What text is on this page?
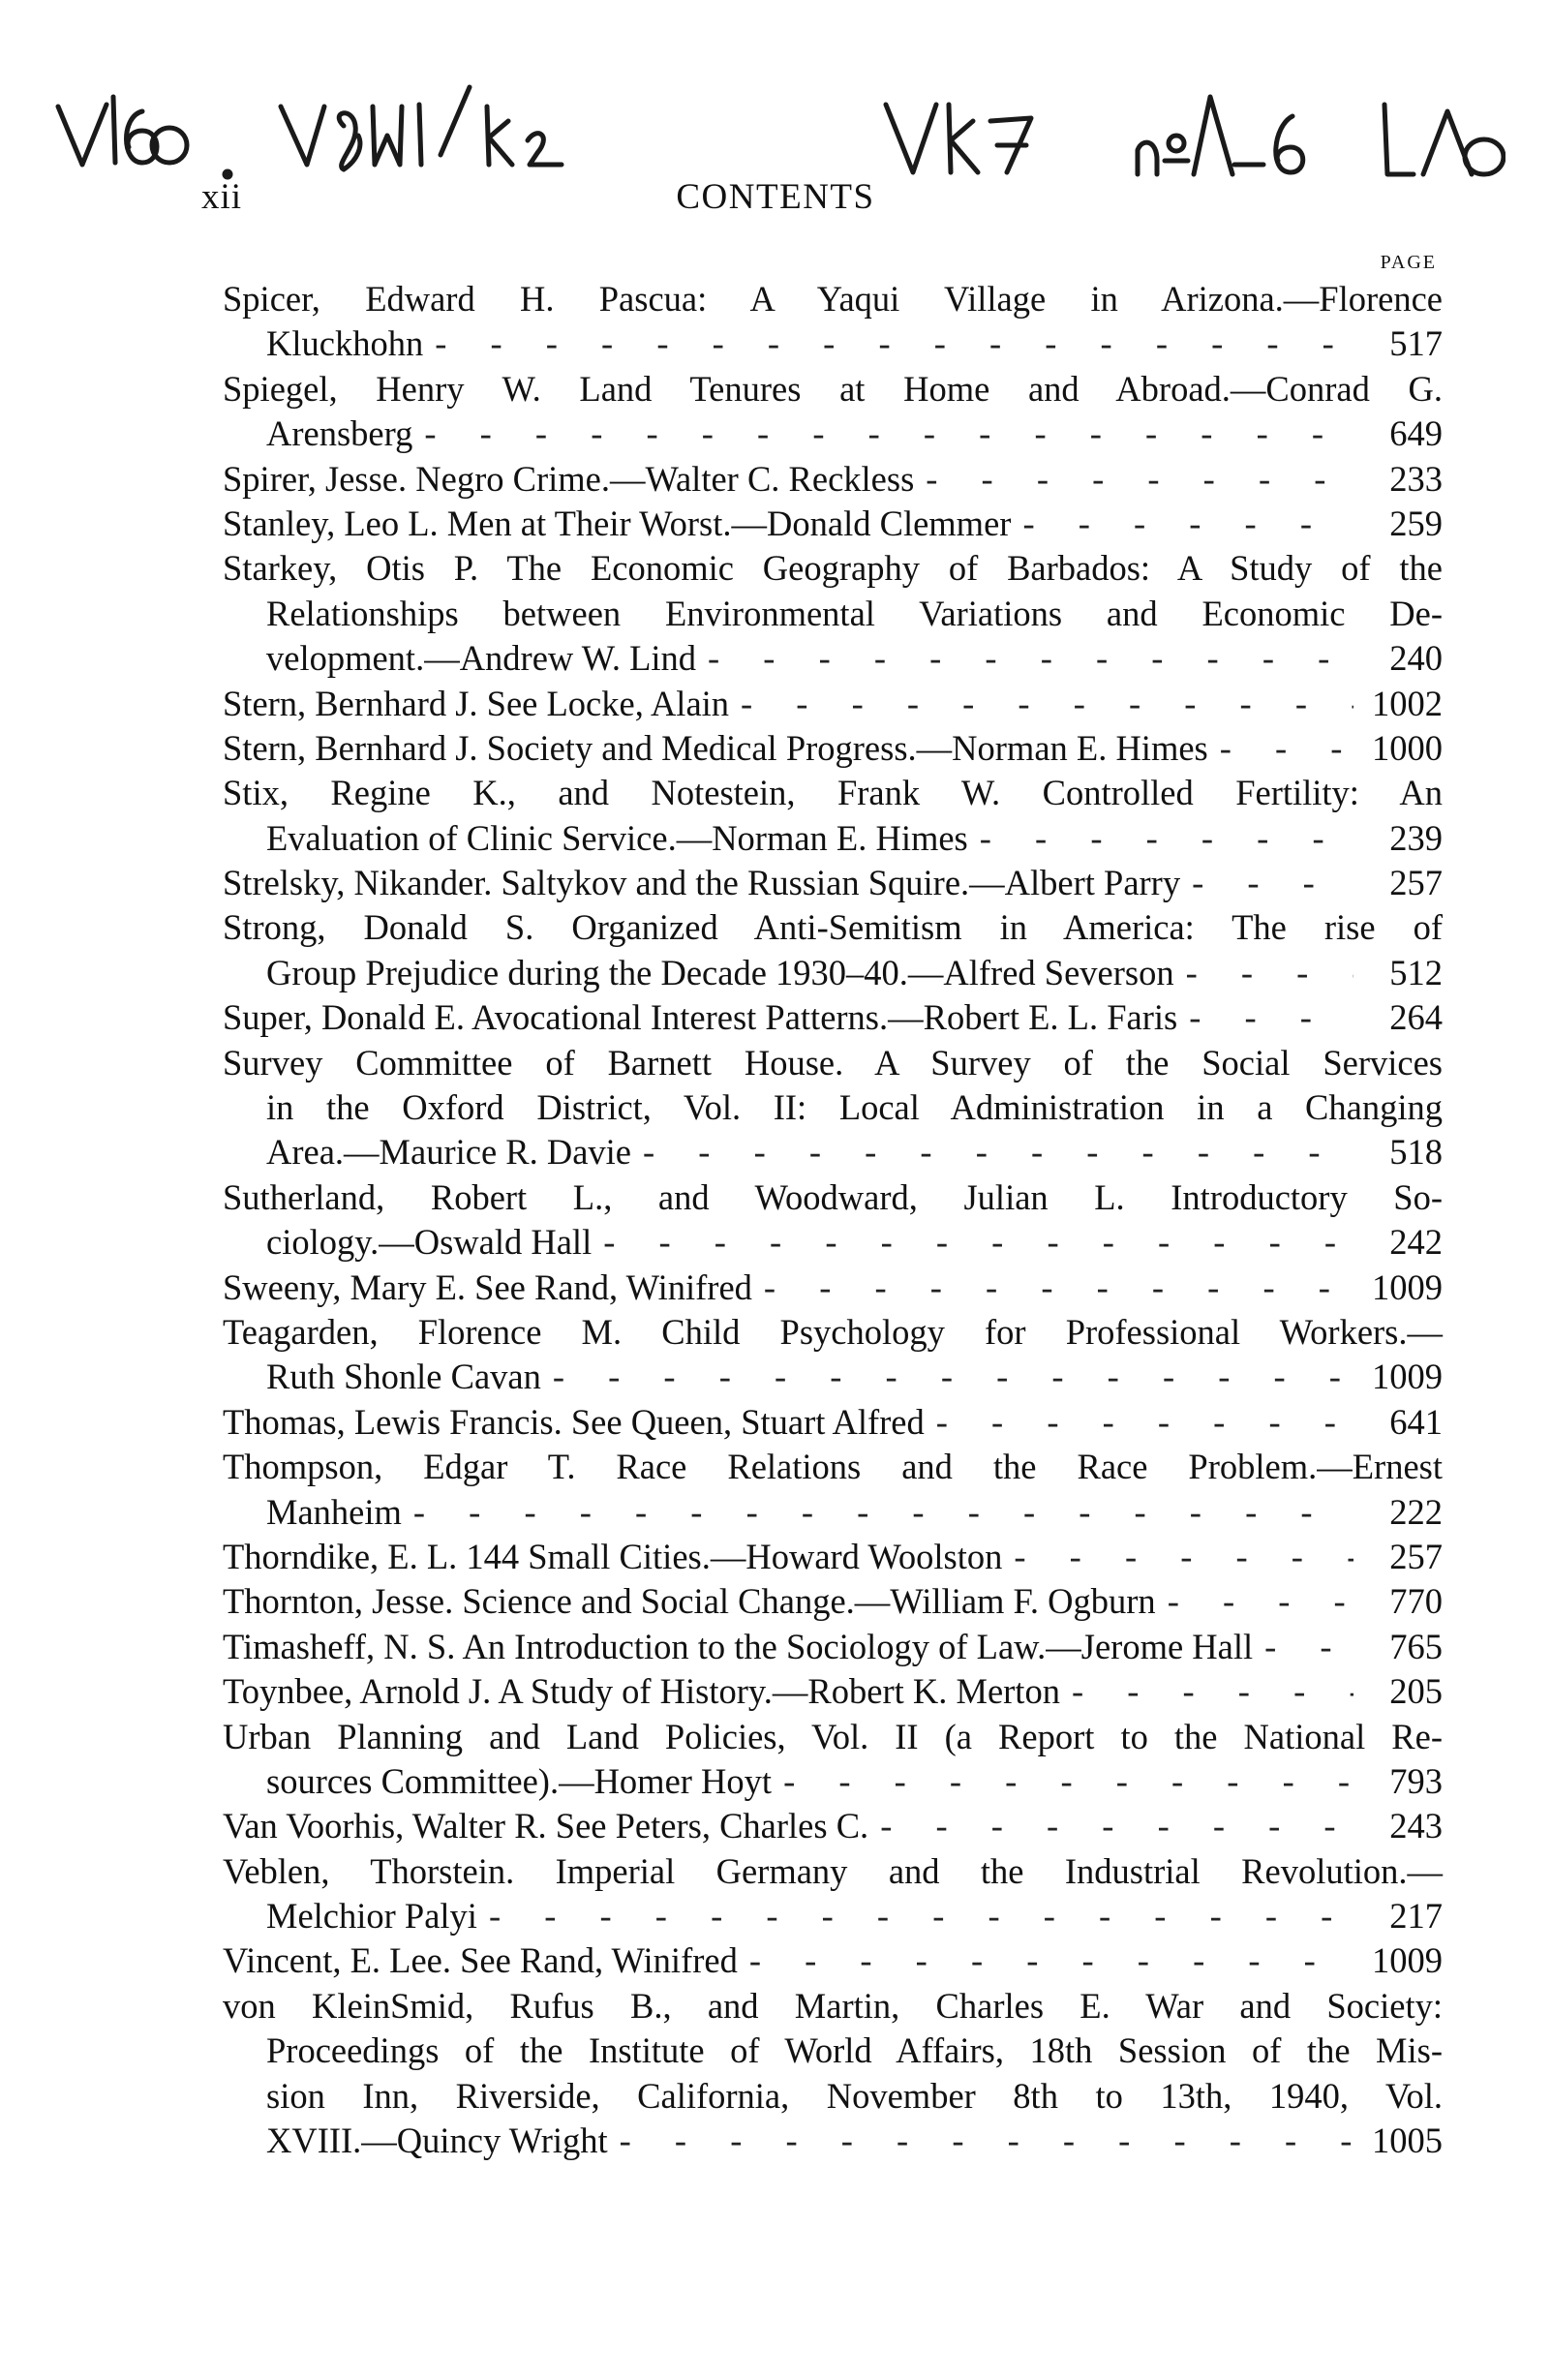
xii	CONTENTS
PAGE
Spicer, Edward H. Pascua: A Yaqui Village in Arizona.—Florence
Kluckhohn - - -	517
Spiegel, Henry W. Land Tenures at Home and Abroad.—Conrad G.
Arensberg - - -	649
Spirer, Jesse. Negro Crime.—Walter C. Reckless - - -	233
Stanley, Leo L. Men at Their Worst.—Donald Clemmer - - -	259
Starkey, Otis P. The Economic Geography of Barbados: A Study of the
Relationships between Environmental Variations and Economic De-
velopment.—Andrew W. Lind - - -	240
Stern, Bernhard J. See Locke, Alain - - -	1002
Stern, Bernhard J. Society and Medical Progress.—Norman E. Himes - - -	1000
Stix, Regine K., and Notestein, Frank W. Controlled Fertility: An
Evaluation of Clinic Service.—Norman E. Himes - - -	239
Strelsky, Nikander. Saltykov and the Russian Squire.—Albert Parry - - -	257
Strong, Donald S. Organized Anti-Semitism in America: The rise of
Group Prejudice during the Decade 1930–40.—Alfred Severson - - -	512
Super, Donald E. Avocational Interest Patterns.—Robert E. L. Faris - - -	264
Survey Committee of Barnett House. A Survey of the Social Services
in the Oxford District, Vol. II: Local Administration in a Changing
Area.—Maurice R. Davie - - -	518
Sutherland, Robert L., and Woodward, Julian L. Introductory So-
ciology.—Oswald Hall - - -	242
Sweeny, Mary E. See Rand, Winifred - - -	1009
Teagarden, Florence M. Child Psychology for Professional Workers.—
Ruth Shonle Cavan - - -	1009
Thomas, Lewis Francis. See Queen, Stuart Alfred - - -	641
Thompson, Edgar T. Race Relations and the Race Problem.—Ernest
Manheim - - -	222
Thorndike, E. L. 144 Small Cities.—Howard Woolston - - -	257
Thornton, Jesse. Science and Social Change.—William F. Ogburn - - -	770
Timasheff, N. S. An Introduction to the Sociology of Law.—Jerome Hall - - -	765
Toynbee, Arnold J. A Study of History.—Robert K. Merton - - -	205
Urban Planning and Land Policies, Vol. II (a Report to the National Re-
sources Committee).—Homer Hoyt - - -	793
Van Voorhis, Walter R. See Peters, Charles C. - - -	243
Veblen, Thorstein. Imperial Germany and the Industrial Revolution.—
Melchior Palyi - - -	217
Vincent, E. Lee. See Rand, Winifred - - -	1009
von KleinSmid, Rufus B., and Martin, Charles E. War and Society:
Proceedings of the Institute of World Affairs, 18th Session of the Mis-
sion Inn, Riverside, California, November 8th to 13th, 1940, Vol.
XVIII.—Quincy Wright - - -	1005
